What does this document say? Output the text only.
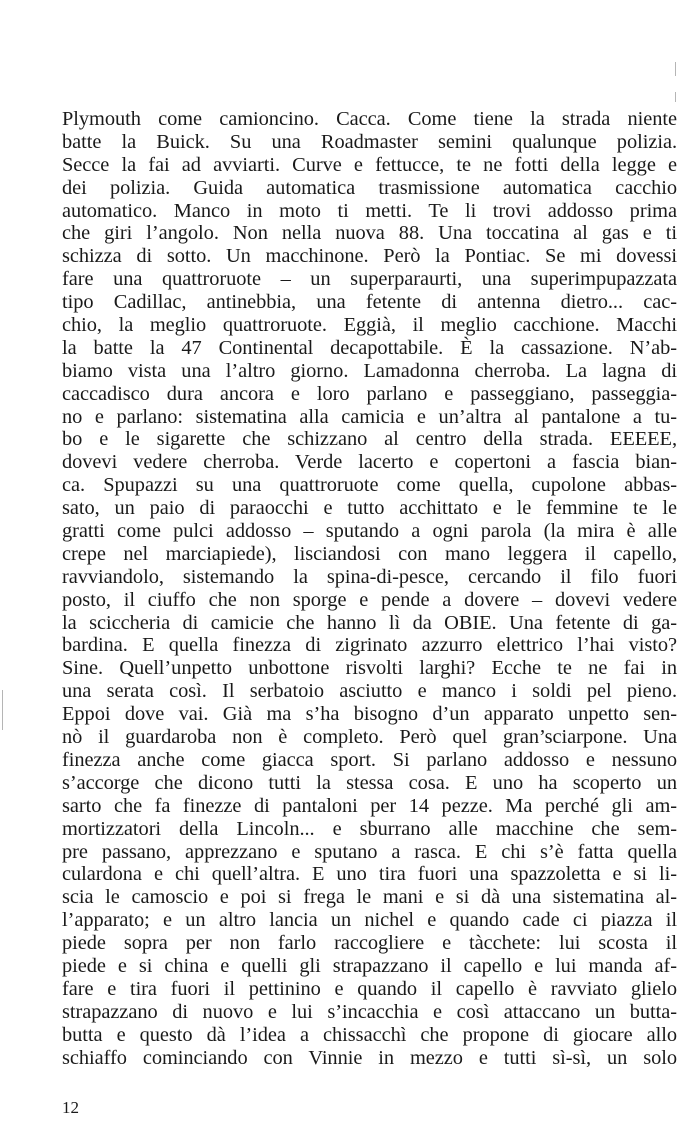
Plymouth come camioncino. Cacca. Come tiene la strada niente
batte la Buick. Su una Roadmaster semini qualunque polizia.
Secce la fai ad avviarti. Curve e fettucce, te ne fotti della legge e
dei polizia. Guida automatica trasmissione automatica cacchio
automatico. Manco in moto ti metti. Te li trovi addosso prima
che giri l’angolo. Non nella nuova 88. Una toccatina al gas e ti
schizza di sotto. Un macchinone. Però la Pontiac. Se mi dovessi
fare una quattroruote – un superparaurti, una superimpupazzata
tipo Cadillac, antinebbia, una fetente di antenna dietro... cac-
chio, la meglio quattroruote. Eggià, il meglio cacchione. Macchi
la batte la 47 Continental decapottabile. È la cassazione. N’ab-
biamo vista una l’altro giorno. Lamadonna cherroba. La lagna di
caccadisco dura ancora e loro parlano e passeggiano, passeggia-
no e parlano: sistematina alla camicia e un’altra al pantalone a tu-
bo e le sigarette che schizzano al centro della strada. EEEEE,
dovevi vedere cherroba. Verde lacerto e copertoni a fascia bian-
ca. Spupazzi su una quattroruote come quella, cupolone abbas-
sato, un paio di paraocchi e tutto acchittato e le femmine te le
gratti come pulci addosso – sputando a ogni parola (la mira è alle
crepe nel marciapiede), lisciandosi con mano leggera il capello,
ravviandolo, sistemando la spina-di-pesce, cercando il filo fuori
posto, il ciuffo che non sporge e pende a dovere – dovevi vedere
la sciccheria di camicie che hanno lì da OBIE. Una fetente di ga-
bardina. E quella finezza di zigrinato azzurro elettrico l’hai visto?
Sine. Quell’unpetto unbottone risvolti larghi? Ecche te ne fai in
una serata così. Il serbatoio asciutto e manco i soldi pel pieno.
Eppoi dove vai. Già ma s’ha bisogno d’un apparato unpetto sen-
nò il guardaroba non è completo. Però quel gran’sciarpone. Una
finezza anche come giacca sport. Si parlano addosso e nessuno
s’accorge che dicono tutti la stessa cosa. E uno ha scoperto un
sarto che fa finezze di pantaloni per 14 pezze. Ma perché gli am-
mortizzatori della Lincoln... e sburrano alle macchine che sem-
pre passano, apprezzano e sputano a rasca. E chi s’è fatta quella
culardona e chi quell’altra. E uno tira fuori una spazzoletta e si li-
scia le camoscio e poi si frega le mani e si dà una sistematina al-
l’apparato; e un altro lancia un nichel e quando cade ci piazza il
piede sopra per non farlo raccogliere e tàcchete: lui scosta il
piede e si china e quelli gli strapazzano il capello e lui manda af-
fare e tira fuori il pettinino e quando il capello è ravviato glielo
strapazzano di nuovo e lui s’incacchia e così attaccano un butta-
butta e questo dà l’idea a chissacchì che propone di giocare allo
schiaffo cominciando con Vinnie in mezzo e tutti sì-sì, un solo
12
